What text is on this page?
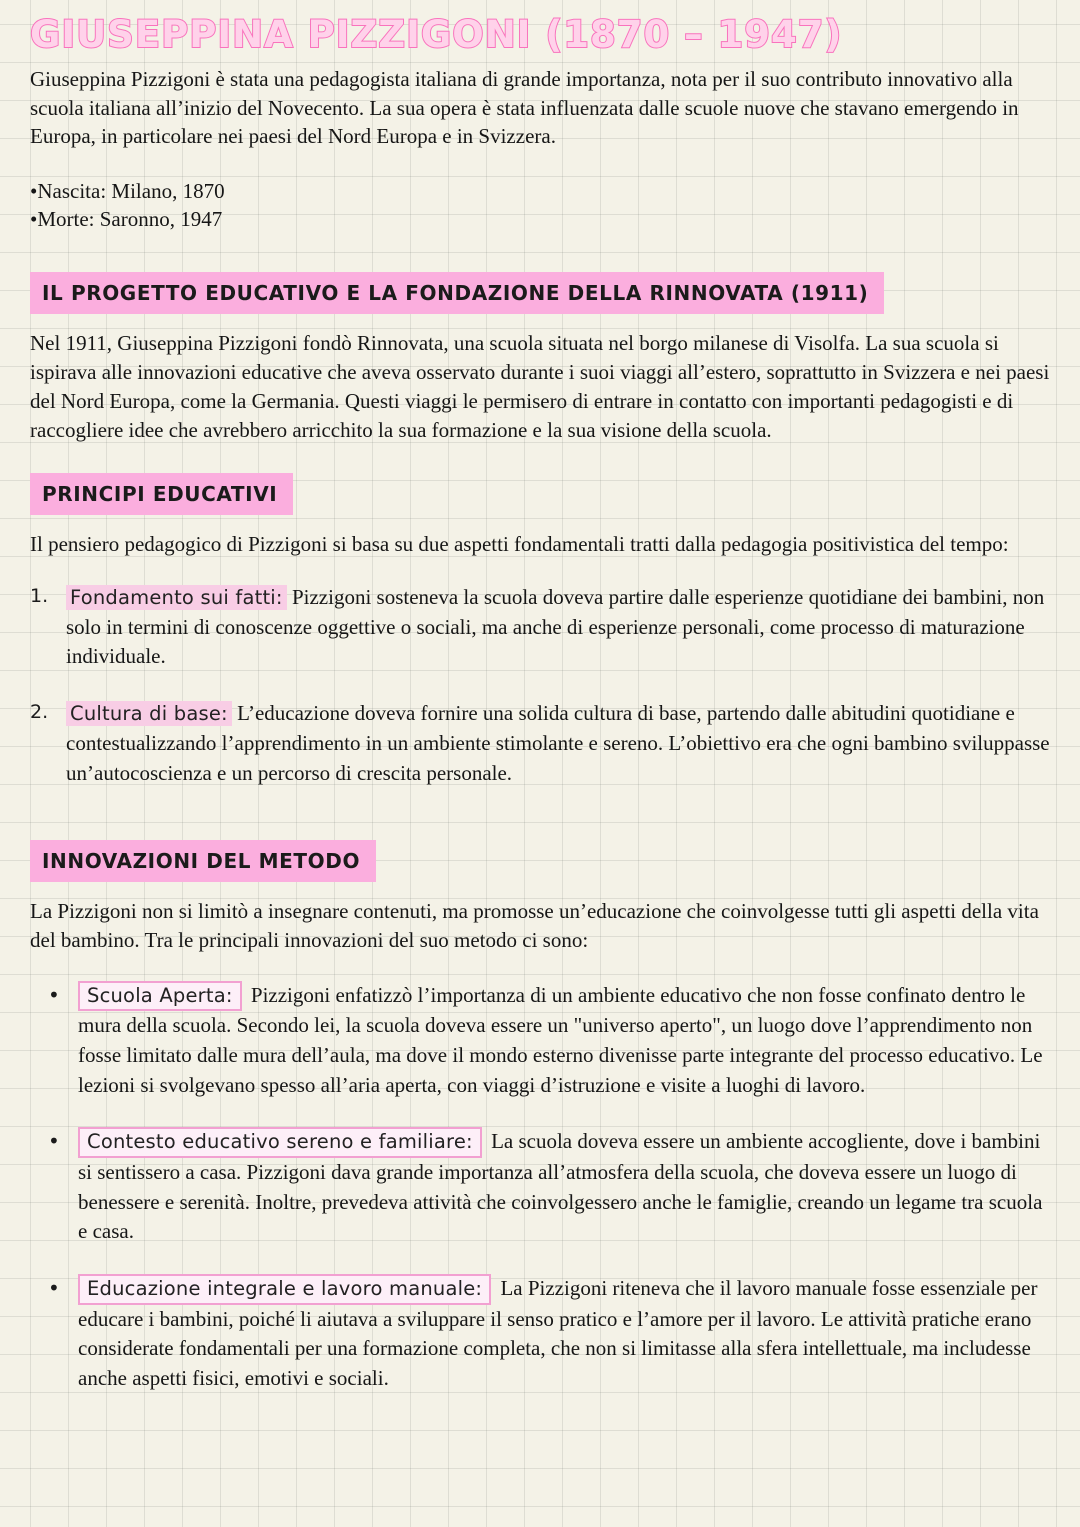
GIUSEPPINA PIZZIGONI (1870 – 1947)

Giuseppina Pizzigoni è stata una pedagogista italiana di grande importanza, nota per il suo contributo innovativo alla scuola italiana all’inizio del Novecento. La sua opera è stata influenzata dalle scuole nuove che stavano emergendo in Europa, in particolare nei paesi del Nord Europa e in Svizzera.

•Nascita: Milano, 1870
•Morte: Saronno, 1947
IL PROGETTO EDUCATIVO E LA FONDAZIONE DELLA RINNOVATA (1911)

Nel 1911, Giuseppina Pizzigoni fondò Rinnovata, una scuola situata nel borgo milanese di Visolfa. La sua scuola si ispirava alle innovazioni educative che aveva osservato durante i suoi viaggi all’estero, soprattutto in Svizzera e nei paesi del Nord Europa, come la Germania. Questi viaggi le permisero di entrare in contatto con importanti pedagogisti e di raccogliere idee che avrebbero arricchito la sua formazione e la sua visione della scuola.

PRINCIPI EDUCATIVI

Il pensiero pedagogico di Pizzigoni si basa su due aspetti fondamentali tratti dalla pedagogia positivistica del tempo:

1.	Fondamento sui fatti: Pizzigoni sosteneva la scuola doveva partire dalle esperienze quotidiane dei bambini, non solo in termini di conoscenze oggettive o sociali, ma anche di esperienze personali, come processo di maturazione individuale.
2.	Cultura di base: L’educazione doveva fornire una solida cultura di base, partendo dalle abitudini quotidiane e contestualizzando l’apprendimento in un ambiente stimolante e sereno. L’obiettivo era che ogni bambino sviluppasse un’autocoscienza e un percorso di crescita personale.
INNOVAZIONI DEL METODO

La Pizzigoni non si limitò a insegnare contenuti, ma promosse un’educazione che coinvolgesse tutti gli aspetti della vita del bambino. Tra le principali innovazioni del suo metodo ci sono:

•	Scuola Aperta: Pizzigoni enfatizzò l’importanza di un ambiente educativo che non fosse confinato dentro le mura della scuola. Secondo lei, la scuola doveva essere un "universo aperto", un luogo dove l’apprendimento non fosse limitato dalle mura dell’aula, ma dove il mondo esterno divenisse parte integrante del processo educativo. Le lezioni si svolgevano spesso all’aria aperta, con viaggi d’istruzione e visite a luoghi di lavoro.
•	Contesto educativo sereno e familiare: La scuola doveva essere un ambiente accogliente, dove i bambini si sentissero a casa. Pizzigoni dava grande importanza all’atmosfera della scuola, che doveva essere un luogo di benessere e serenità. Inoltre, prevedeva attività che coinvolgessero anche le famiglie, creando un legame tra scuola e casa.
•	Educazione integrale e lavoro manuale: La Pizzigoni riteneva che il lavoro manuale fosse essenziale per educare i bambini, poiché li aiutava a sviluppare il senso pratico e l’amore per il lavoro. Le attività pratiche erano considerate fondamentali per una formazione completa, che non si limitasse alla sfera intellettuale, ma includesse anche aspetti fisici, emotivi e sociali.
